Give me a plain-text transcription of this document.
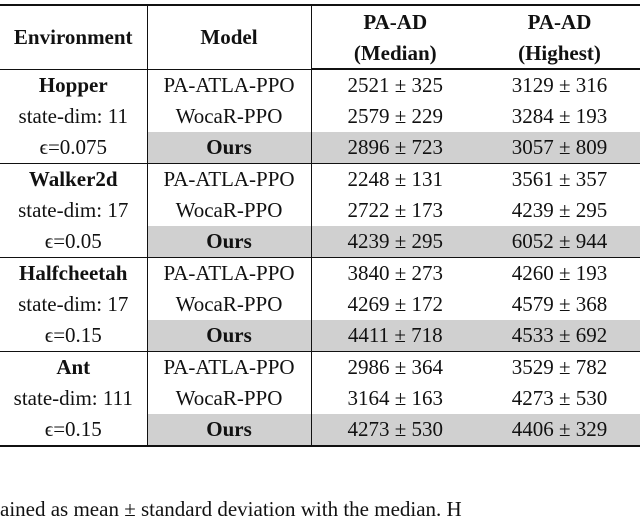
Environment	Model	PA-AD	PA-AD
		(Median)	(Highest)
Hopper	PA-ATLA-PPO	2521 ± 325	3129 ± 316
state-dim: 11	WocaR-PPO	2579 ± 229	3284 ± 193
ϵ=0.075	Ours	2896 ± 723	3057 ± 809
Walker2d	PA-ATLA-PPO	2248 ± 131	3561 ± 357
state-dim: 17	WocaR-PPO	2722 ± 173	4239 ± 295
ϵ=0.05	Ours	4239 ± 295	6052 ± 944
Halfcheetah	PA-ATLA-PPO	3840 ± 273	4260 ± 193
state-dim: 17	WocaR-PPO	4269 ± 172	4579 ± 368
ϵ=0.15	Ours	4411 ± 718	4533 ± 692
Ant	PA-ATLA-PPO	2986 ± 364	3529 ± 782
state-dim: 111	WocaR-PPO	3164 ± 163	4273 ± 530
ϵ=0.15	Ours	4273 ± 530	4406 ± 329
ained as mean ± standard deviation with the median. H
